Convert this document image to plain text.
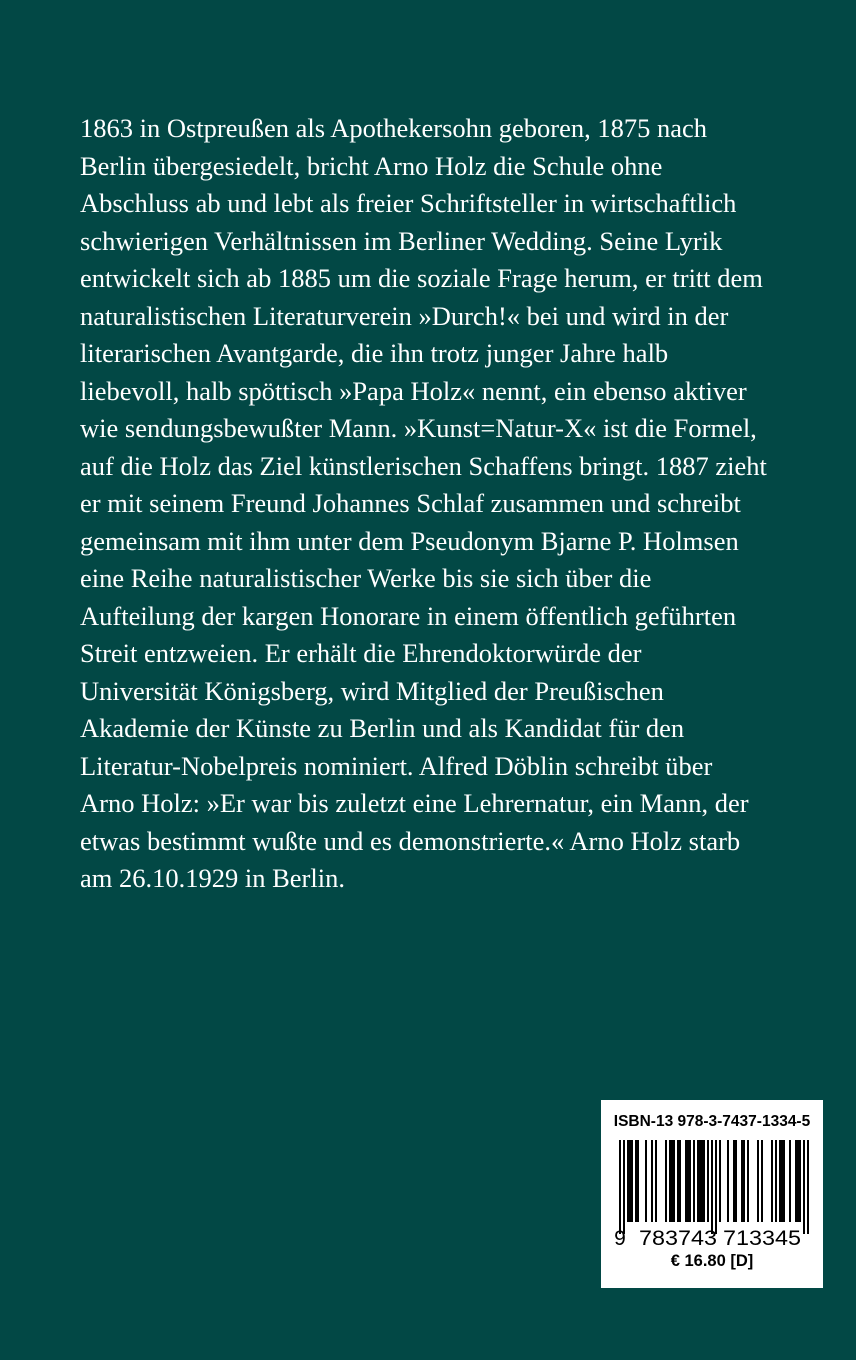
1863 in Ostpreußen als Apothekersohn geboren, 1875 nach
Berlin übergesiedelt, bricht Arno Holz die Schule ohne
Abschluss ab und lebt als freier Schriftsteller in wirtschaftlich
schwierigen Verhältnissen im Berliner Wedding. Seine Lyrik
entwickelt sich ab 1885 um die soziale Frage herum, er tritt dem
naturalistischen Literaturverein »Durch!« bei und wird in der
literarischen Avantgarde, die ihn trotz junger Jahre halb
liebevoll, halb spöttisch »Papa Holz« nennt, ein ebenso aktiver
wie sendungsbewußter Mann. »Kunst=Natur-X« ist die Formel,
auf die Holz das Ziel künstlerischen Schaffens bringt. 1887 zieht
er mit seinem Freund Johannes Schlaf zusammen und schreibt
gemeinsam mit ihm unter dem Pseudonym Bjarne P. Holmsen
eine Reihe naturalistischer Werke bis sie sich über die
Aufteilung der kargen Honorare in einem öffentlich geführten
Streit entzweien. Er erhält die Ehrendoktorwürde der
Universität Königsberg, wird Mitglied der Preußischen
Akademie der Künste zu Berlin und als Kandidat für den
Literatur-Nobelpreis nominiert. Alfred Döblin schreibt über
Arno Holz: »Er war bis zuletzt eine Lehrernatur, ein Mann, der
etwas bestimmt wußte und es demonstrierte.« Arno Holz starb
am 26.10.1929 in Berlin.
ISBN-13 978-3-7437-1334-5
9 783743 713345
€ 16.80 [D]
